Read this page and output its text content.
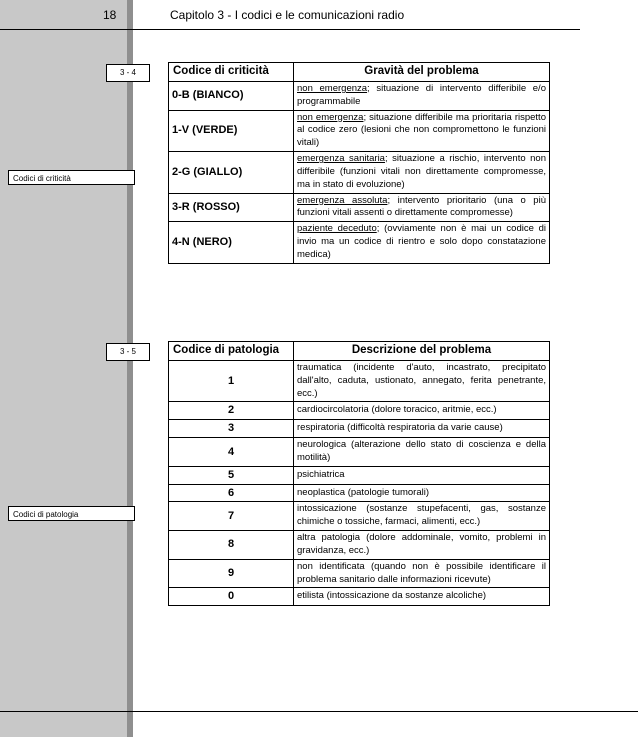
18	Capitolo 3 - I codici e le comunicazioni radio
3 - 4
Codici di criticità
Codice di criticità	Gravità del problema
0-B (BIANCO)	non emergenza; situazione di intervento differibile e/o programmabile
1-V (VERDE)	non emergenza; situazione differibile ma prioritaria rispetto al codice zero (lesioni che non compromettono le funzioni vitali)
2-G (GIALLO)	emergenza sanitaria; situazione a rischio, intervento non differibile (funzioni vitali non direttamente compromesse, ma in stato di evoluzione)
3-R (ROSSO)	emergenza assoluta; intervento prioritario (una o più funzioni vitali assenti o direttamente compromesse)
4-N (NERO)	paziente deceduto; (ovviamente non è mai un codice di invio ma un codice di rientro e solo dopo constatazione medica)
3 - 5
Codici di patologia
Codice di patologia	Descrizione del problema
1	traumatica (incidente d'auto, incastrato, precipitato dall'alto, caduta, ustionato, annegato, ferita penetrante, ecc.)
2	cardiocircolatoria (dolore toracico, aritmie, ecc.)
3	respiratoria (difficoltà respiratoria da varie cause)
4	neurologica (alterazione dello stato di coscienza e della motilità)
5	psichiatrica
6	neoplastica (patologie tumorali)
7	intossicazione (sostanze stupefacenti, gas, sostanze chimiche o tossiche, farmaci, alimenti, ecc.)
8	altra patologia (dolore addominale, vomito, problemi in gravidanza, ecc.)
9	non identificata (quando non è possibile identificare il problema sanitario dalle informazioni ricevute)
0	etilista (intossicazione da sostanze alcoliche)
